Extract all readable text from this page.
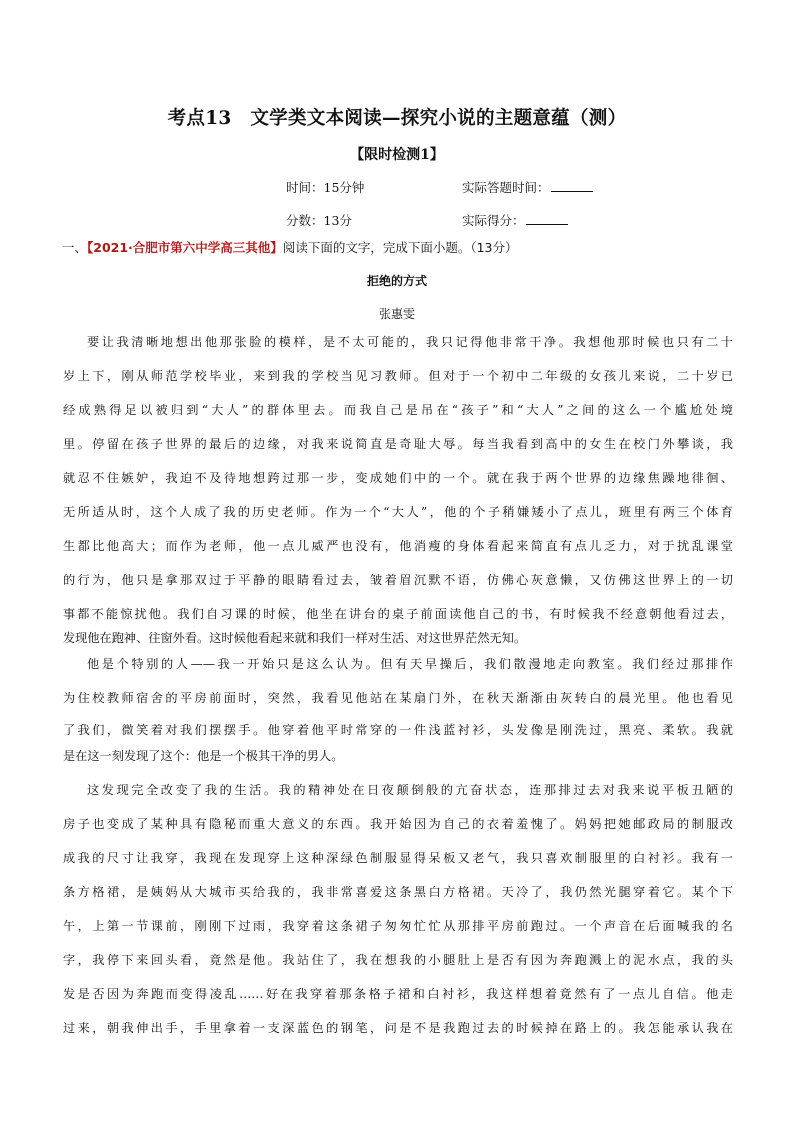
考点13　文学类文本阅读—探究小说的主题意蕴（测）
【限时检测1】
时间：15分钟	实际答题时间：
分数：13分	实际得分：
一、【2021·合肥市第六中学高三其他】阅读下面的文字，完成下面小题。（13分）
拒绝的方式
张惠雯
要让我清晰地想出他那张脸的模样，是不太可能的，我只记得他非常干净。我想他那时候也只有二十
岁上下，刚从师范学校毕业，来到我的学校当见习教师。但对于一个初中二年级的女孩儿来说，二十岁已
经成熟得足以被归到“大人”的群体里去。而我自己是吊在“孩子”和“大人”之间的这么一个尴尬处境
里。停留在孩子世界的最后的边缘，对我来说简直是奇耻大辱。每当我看到高中的女生在校门外攀谈，我
就忍不住嫉妒，我迫不及待地想跨过那一步，变成她们中的一个。就在我于两个世界的边缘焦躁地徘徊、
无所适从时，这个人成了我的历史老师。作为一个“大人”，他的个子稍嫌矮小了点儿，班里有两三个体育
生都比他高大；而作为老师，他一点儿威严也没有，他消瘦的身体看起来简直有点儿乏力，对于扰乱课堂
的行为，他只是拿那双过于平静的眼睛看过去，皱着眉沉默不语，仿佛心灰意懒，又仿佛这世界上的一切
事都不能惊扰他。我们自习课的时候，他坐在讲台的桌子前面读他自己的书，有时候我不经意朝他看过去，
发现他在跑神、往窗外看。这时候他看起来就和我们一样对生活、对这世界茫然无知。
他是个特别的人——我一开始只是这么认为。但有天早操后，我们散漫地走向教室。我们经过那排作
为住校教师宿舍的平房前面时，突然，我看见他站在某扇门外，在秋天渐渐由灰转白的晨光里。他也看见
了我们，微笑着对我们摆摆手。他穿着他平时常穿的一件浅蓝衬衫，头发像是刚洗过，黑亮、柔软。我就
是在这一刻发现了这个：他是一个极其干净的男人。
这发现完全改变了我的生活。我的精神处在日夜颠倒般的亢奋状态，连那排过去对我来说平板丑陋的
房子也变成了某种具有隐秘而重大意义的东西。我开始因为自己的衣着羞愧了。妈妈把她邮政局的制服改
成我的尺寸让我穿，我现在发现穿上这种深绿色制服显得呆板又老气，我只喜欢制服里的白衬衫。我有一
条方格裙，是姨妈从大城市买给我的，我非常喜爱这条黑白方格裙。天冷了，我仍然光腿穿着它。某个下
午，上第一节课前，刚刚下过雨，我穿着这条裙子匆匆忙忙从那排平房前跑过。一个声音在后面喊我的名
字，我停下来回头看，竟然是他。我站住了，我在想我的小腿肚上是否有因为奔跑溅上的泥水点，我的头
发是否因为奔跑而变得凌乱……好在我穿着那条格子裙和白衬衫，我这样想着竟然有了一点儿自信。他走
过来，朝我伸出手，手里拿着一支深蓝色的钢笔，问是不是我跑过去的时候掉在路上的。我怎能承认我在
